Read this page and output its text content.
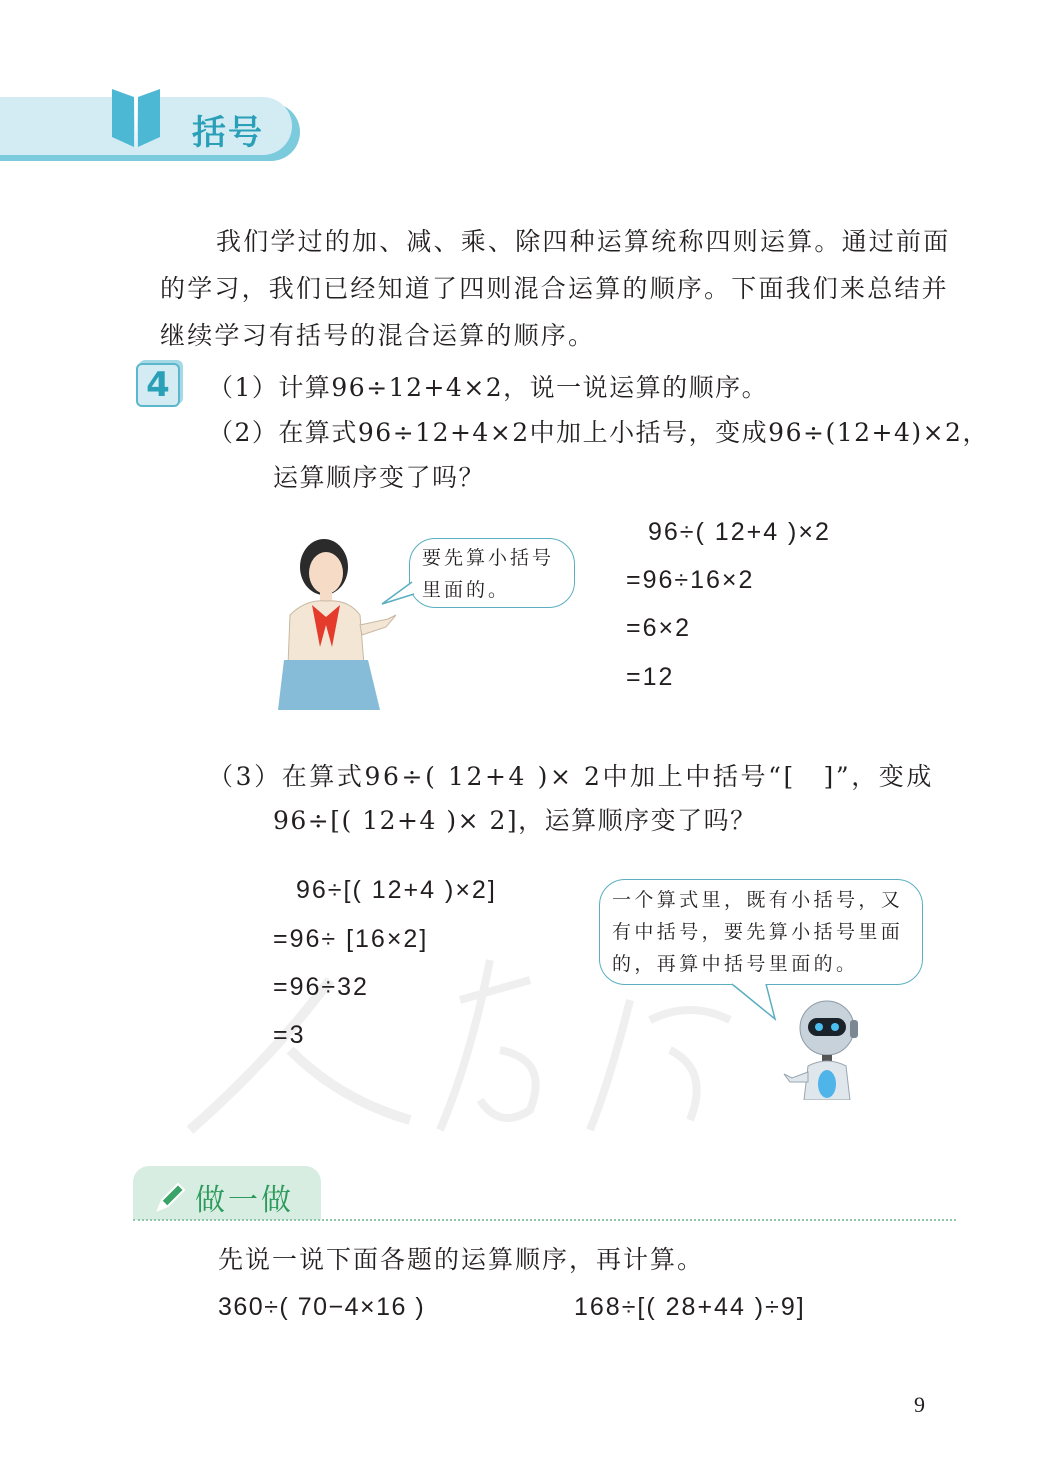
括号

我们学过的加、减、乘、除四种运算统称四则运算。通过前面的学习，我们已经知道了四则混合运算的顺序。下面我们来总结并继续学习有括号的混合运算的顺序。

4	（1）计算96÷12+4×2，说一说运算的顺序。
（2）在算式96÷12+4×2中加上小括号，变成96÷(12+4)×2，
运算顺序变了吗？
要先算小括号
里面的。
96÷( 12+4 )×2
=96÷16×2
=6×2
=12
（3）在算式96÷( 12+4 )× 2中加上中括号“[　]”，变成
96÷[( 12+4 )× 2]，运算顺序变了吗？
96÷[( 12+4 )×2]
=96÷ [16×2]
=96÷32
=3
一个算式里，既有小括号，又
有中括号，要先算小括号里面
的，再算中括号里面的。
做一做
先说一说下面各题的运算顺序，再计算。
360÷( 70−4×16 )	168÷[( 28+44 )÷9]
9
